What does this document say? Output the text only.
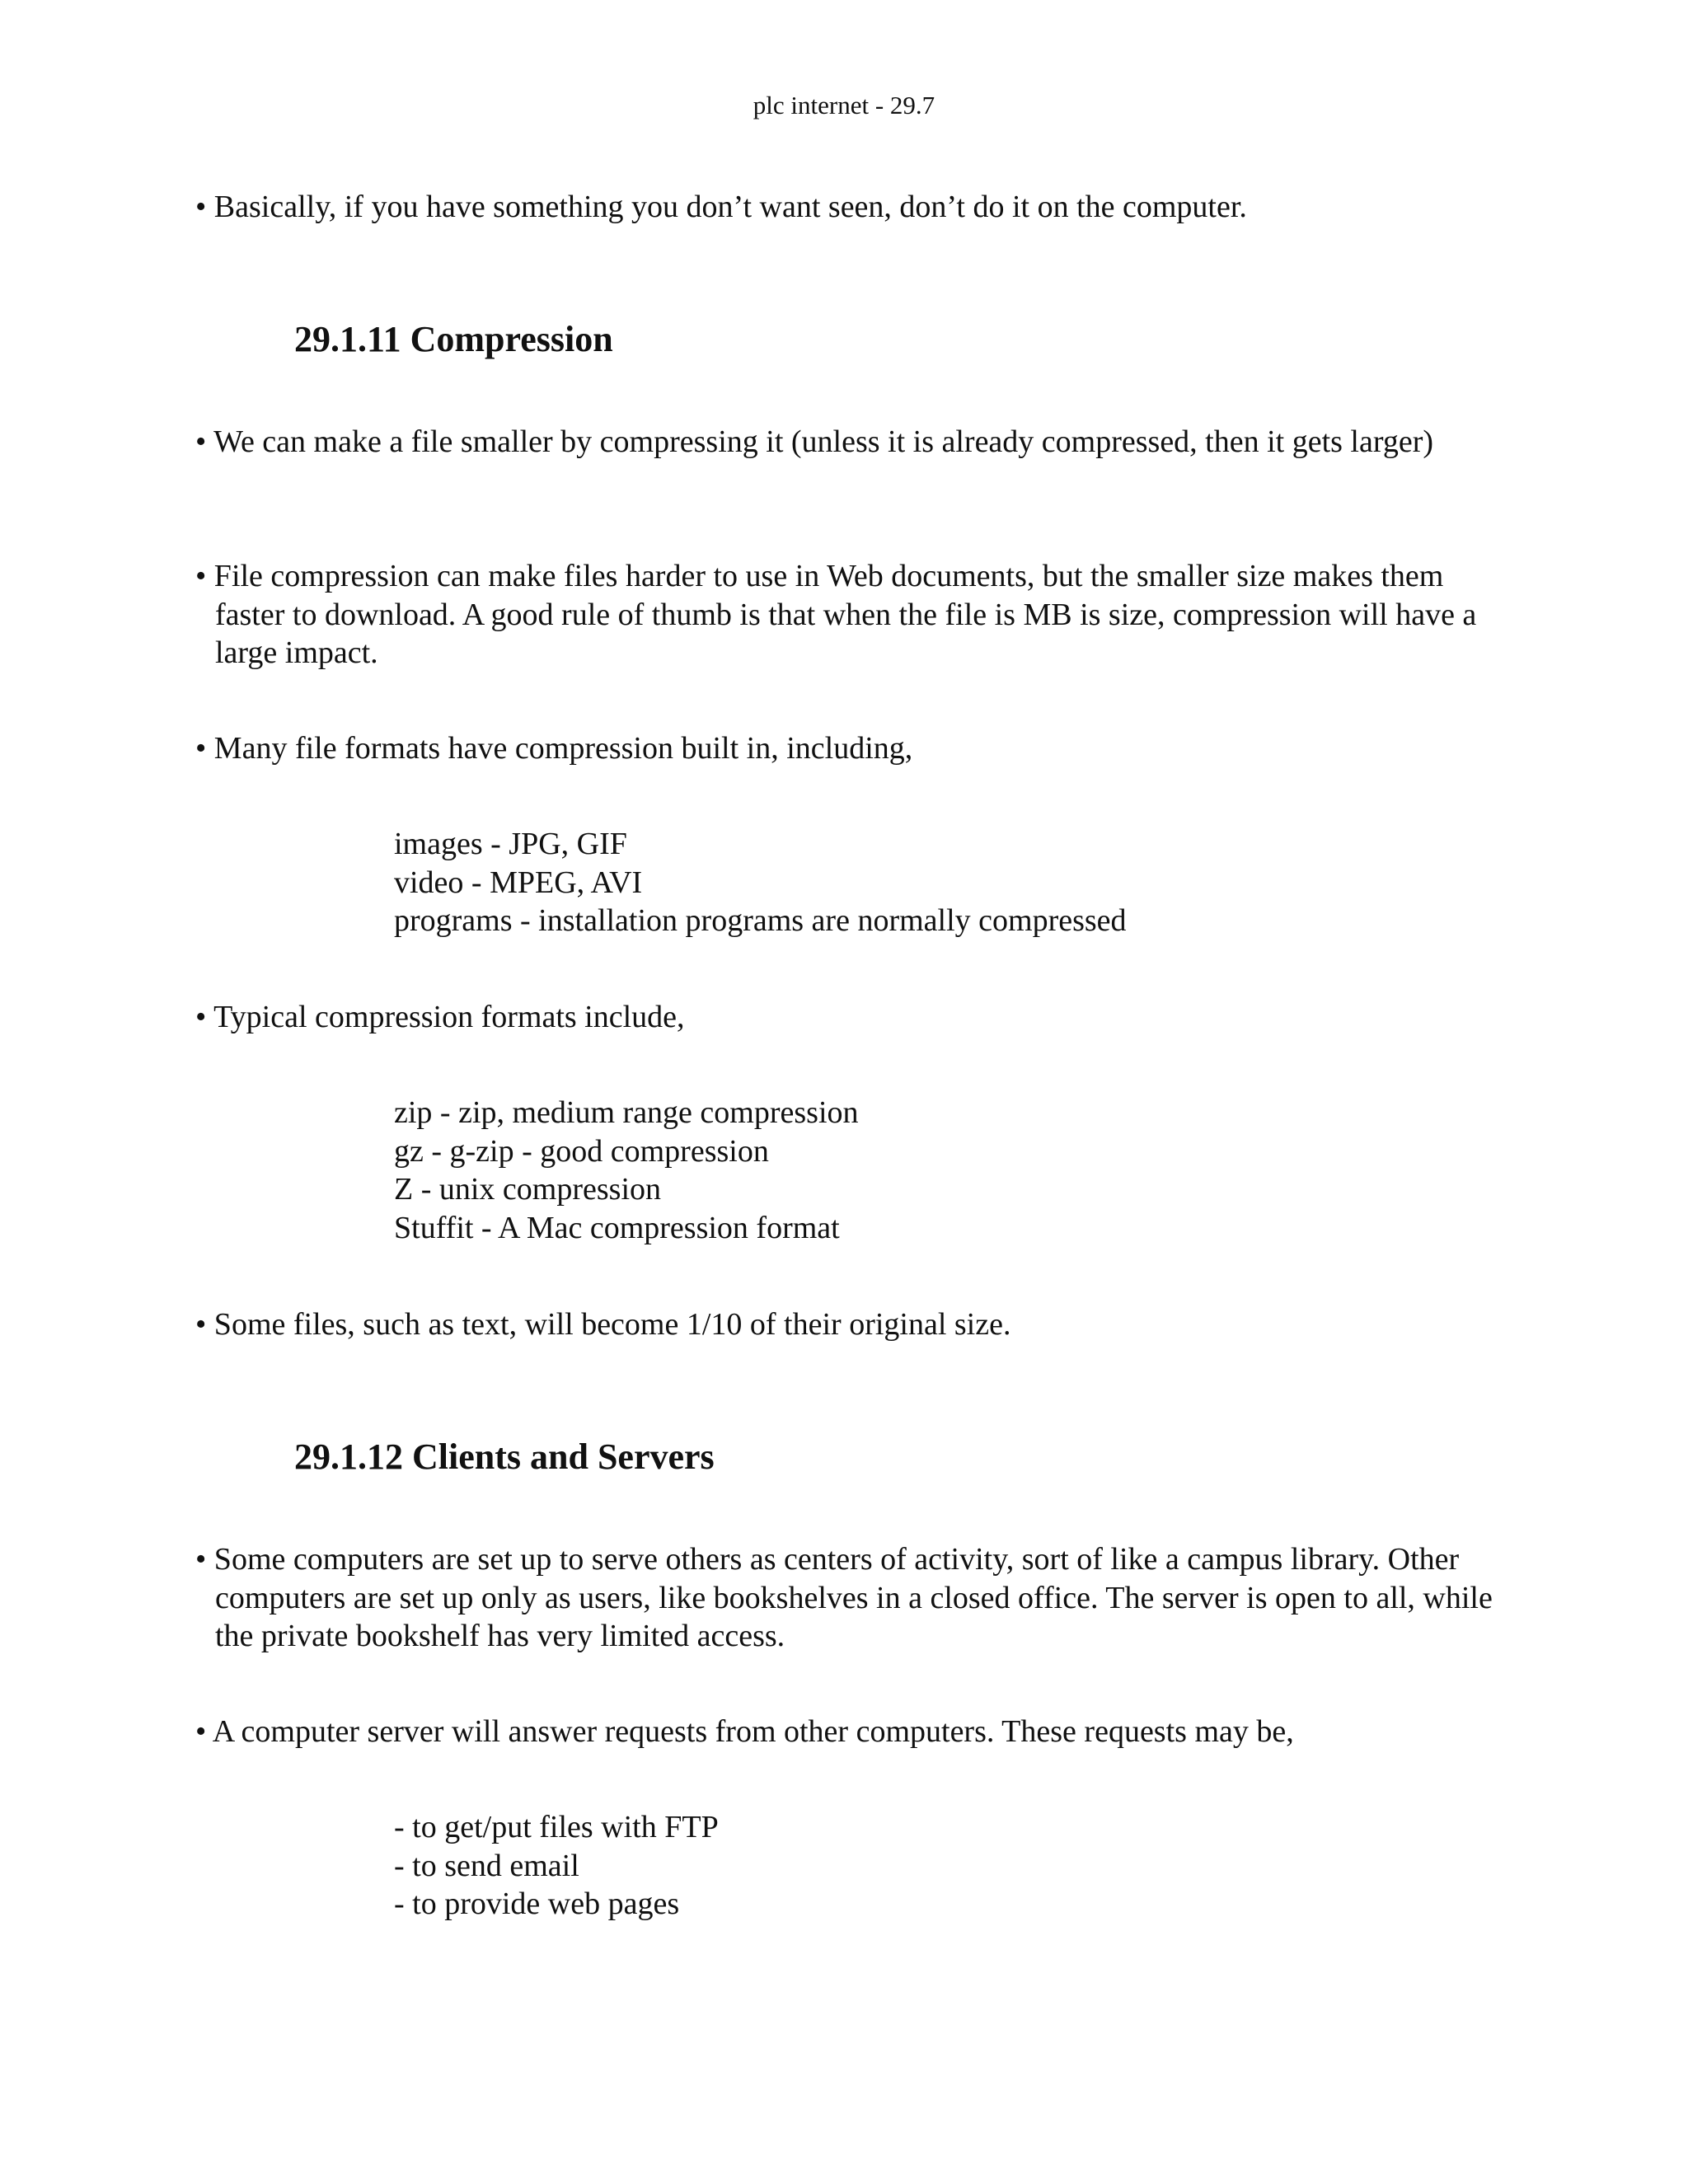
plc internet - 29.7
• Basically, if you have something you don’t want seen, don’t do it on the computer.
29.1.11 Compression
• We can make a file smaller by compressing it (unless it is already compressed, then it gets larger)
• File compression can make files harder to use in Web documents, but the smaller size makes them faster to download. A good rule of thumb is that when the file is MB is size, compression will have a large impact.
• Many file formats have compression built in, including,
images - JPG, GIF
video - MPEG, AVI
programs - installation programs are normally compressed
• Typical compression formats include,
zip - zip, medium range compression
gz - g-zip - good compression
Z - unix compression
Stuffit - A Mac compression format
• Some files, such as text, will become 1/10 of their original size.
29.1.12 Clients and Servers
• Some computers are set up to serve others as centers of activity, sort of like a campus library. Other computers are set up only as users, like bookshelves in a closed office. The server is open to all, while the private bookshelf has very limited access.
• A computer server will answer requests from other computers. These requests may be,
- to get/put files with FTP
- to send email
- to provide web pages
